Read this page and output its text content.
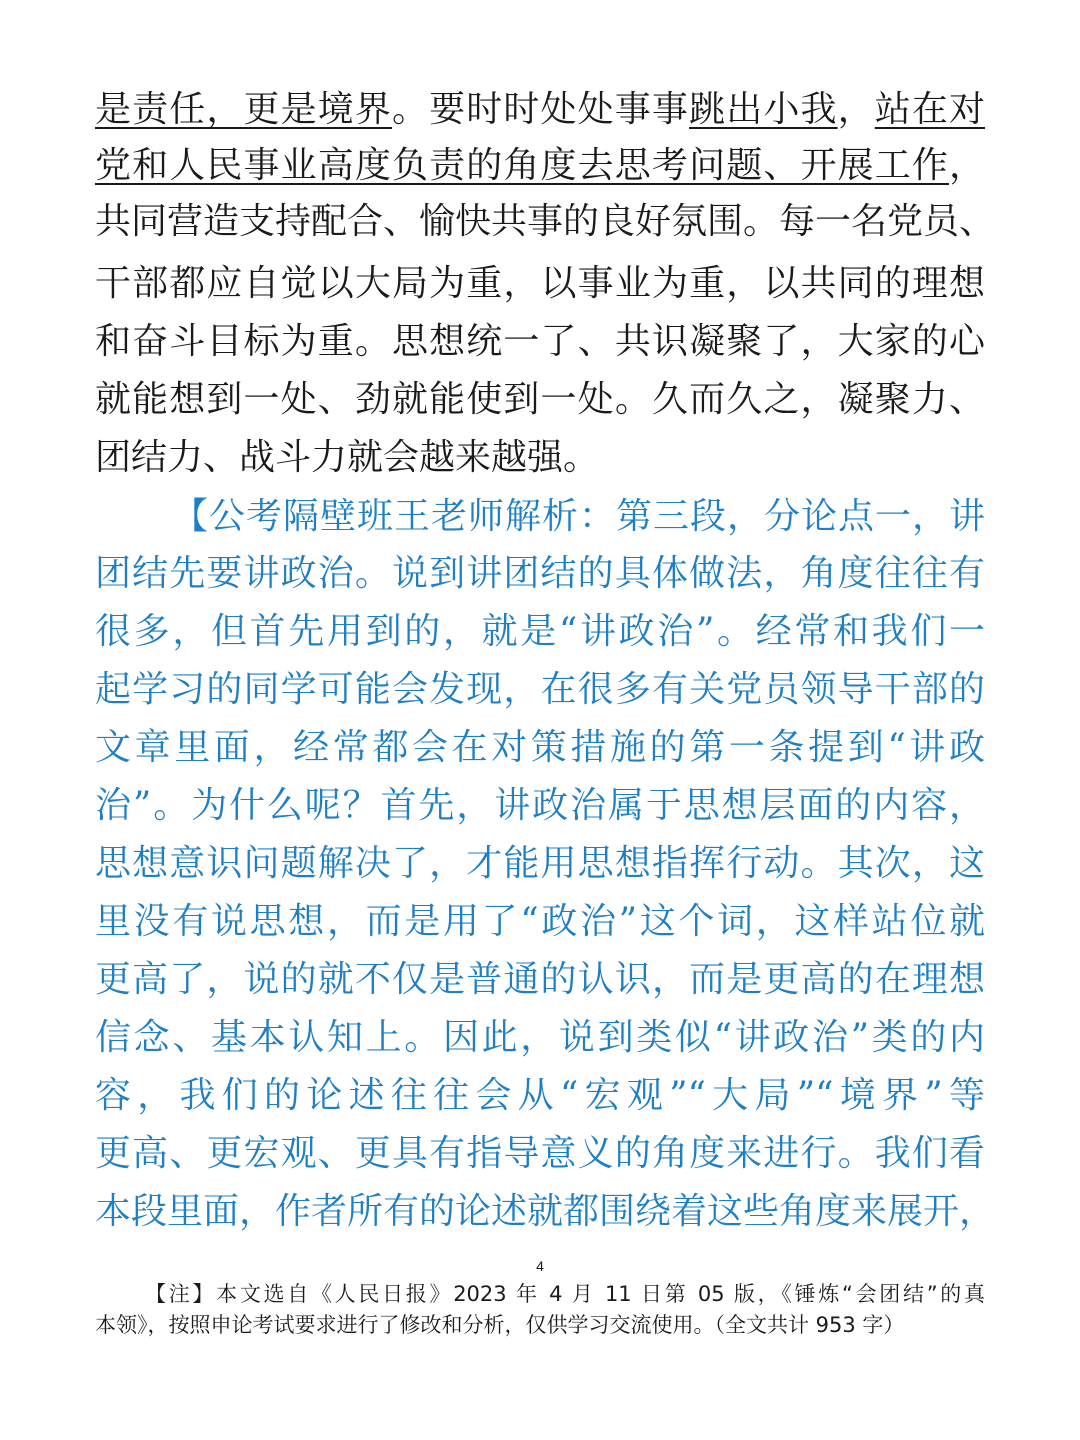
是责任，更是境界。要时时处处事事跳出小我，站在对
党和人民事业高度负责的角度去思考问题、开展工作，
共同营造支持配合、愉快共事的良好氛围。每一名党员、
干部都应自觉以大局为重，以事业为重，以共同的理想
和奋斗目标为重。思想统一了、共识凝聚了，大家的心
就能想到一处、劲就能使到一处。久而久之，凝聚力、
团结力、战斗力就会越来越强。
【公考隔壁班王老师解析：第三段，分论点一，讲
团结先要讲政治。说到讲团结的具体做法，角度往往有
很多，但首先用到的，就是“讲政治”。经常和我们一
起学习的同学可能会发现，在很多有关党员领导干部的
文章里面，经常都会在对策措施的第一条提到“讲政
治”。为什么呢？首先，讲政治属于思想层面的内容，
思想意识问题解决了，才能用思想指挥行动。其次，这
里没有说思想，而是用了“政治”这个词，这样站位就
更高了，说的就不仅是普通的认识，而是更高的在理想
信念、基本认知上。因此，说到类似“讲政治”类的内
容，我们的论述往往会从“宏观”“大局”“境界”等
更高、更宏观、更具有指导意义的角度来进行。我们看
本段里面，作者所有的论述就都围绕着这些角度来展开，
4
【注】本文选自《人民日报》2023 年 4 月 11 日第 05 版，《锤炼“会团结”的真
本领》，按照申论考试要求进行了修改和分析，仅供学习交流使用。（全文共计 953 字）
